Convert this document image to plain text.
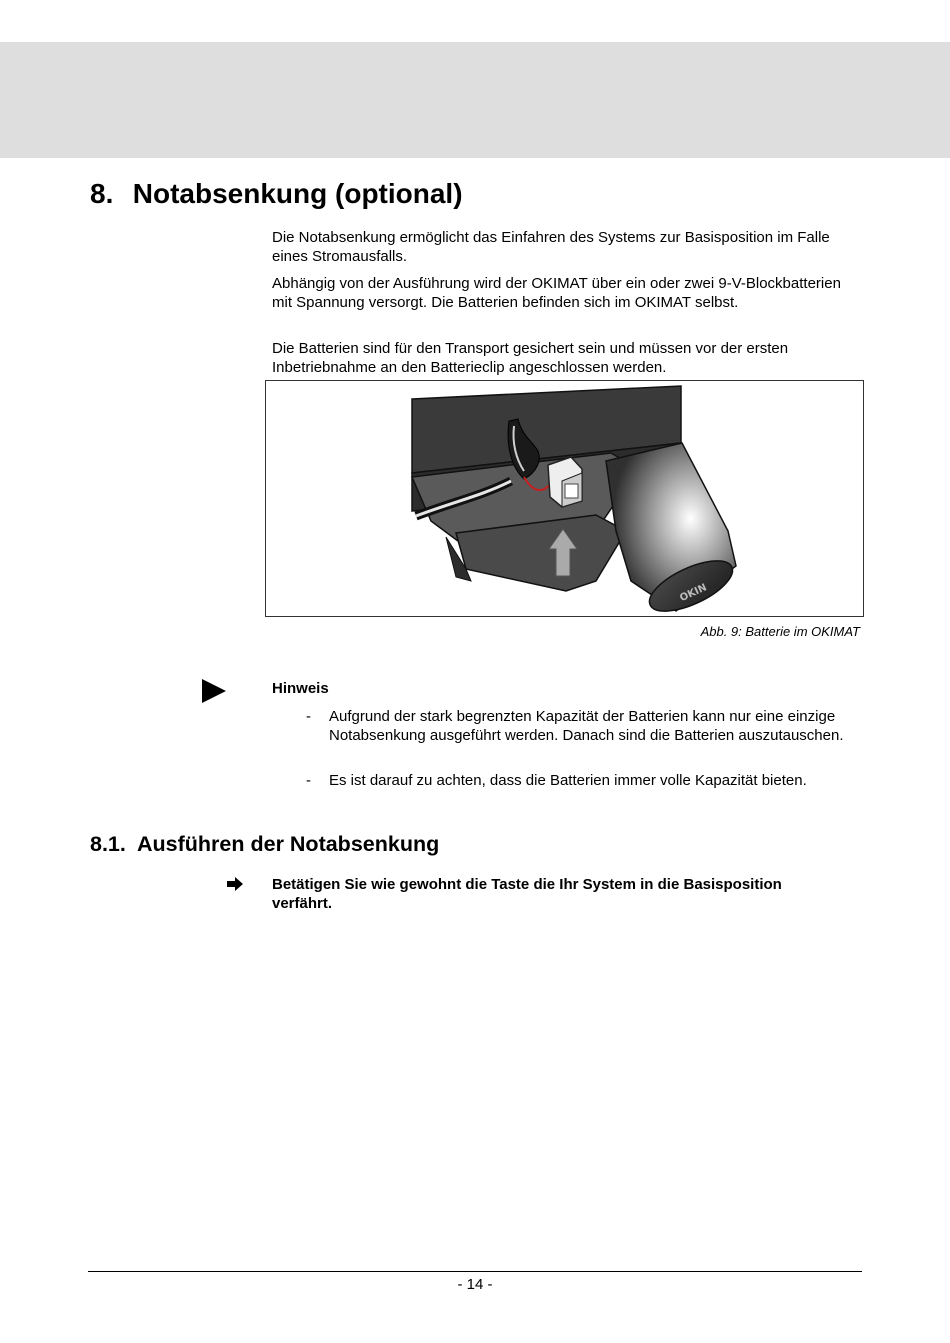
8. Notabsenkung (optional)

Die Notabsenkung ermöglicht das Einfahren des Systems zur Basisposition im Falle eines Stromausfalls.

Abhängig von der Ausführung wird der OKIMAT über ein oder zwei 9-V-Blockbatterien mit Spannung versorgt. Die Batterien befinden sich im OKIMAT selbst.

Die Batterien sind für den Transport gesichert sein und müssen vor der ersten Inbetriebnahme an den Batterieclip angeschlossen werden.

OKIN

Abb. 9: Batterie im OKIMAT

Hinweis

- Aufgrund der stark begrenzten Kapazität der Batterien kann nur eine einzige Notabsenkung ausgeführt werden. Danach sind die Batterien auszutauschen.
- Es ist darauf zu achten, dass die Batterien immer volle Kapazität bieten.
8.1. Ausführen der Notabsenkung

Betätigen Sie wie gewohnt die Taste die Ihr System in die Basisposition verfährt.

- 14 -
